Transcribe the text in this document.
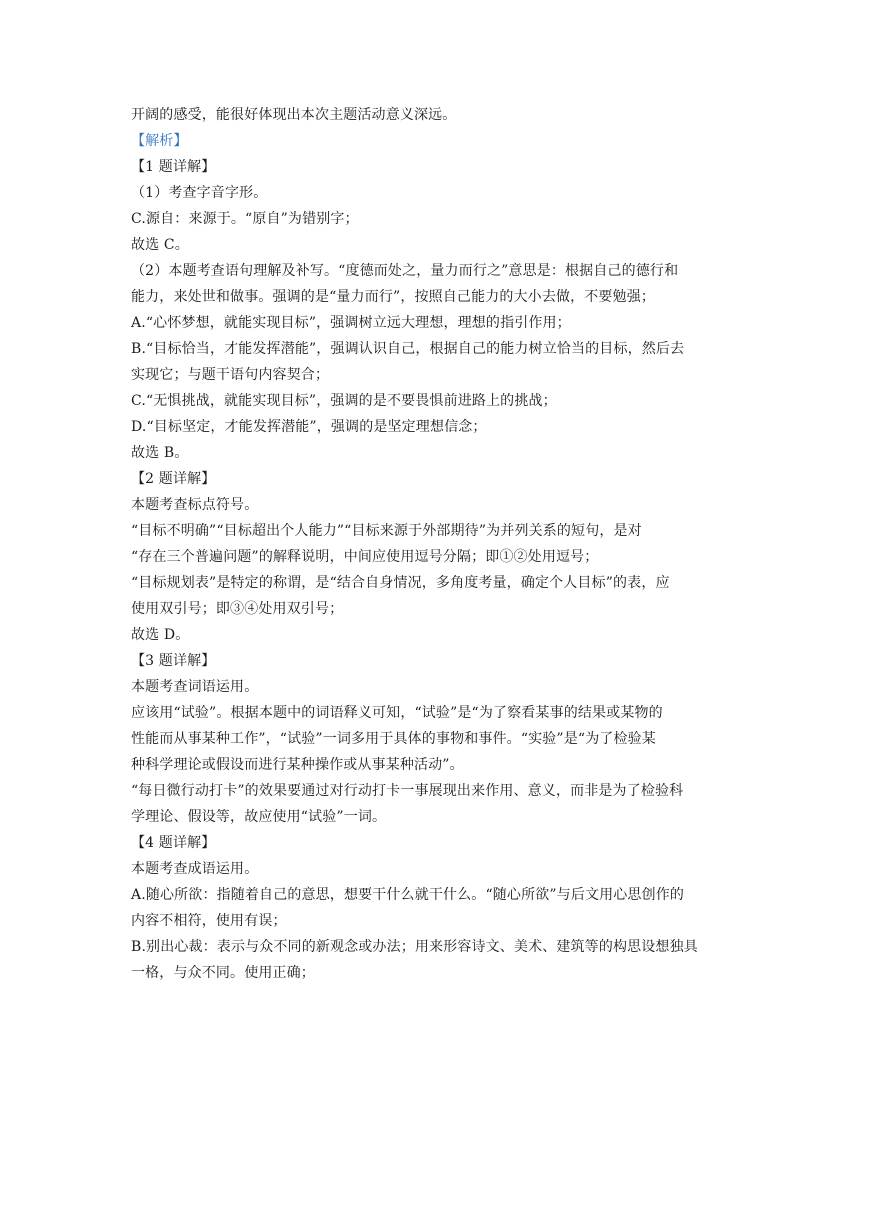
开阔的感受，能很好体现出本次主题活动意义深远。
【解析】
【1 题详解】
（1）考查字音字形。
C.源自：来源于。“原自”为错别字；
故选 C。
（2）本题考查语句理解及补写。“度德而处之，量力而行之”意思是：根据自己的德行和
能力，来处世和做事。强调的是“量力而行”，按照自己能力的大小去做，不要勉强；
A.“心怀梦想，就能实现目标”，强调树立远大理想，理想的指引作用；
B.“目标恰当，才能发挥潜能”，强调认识自己，根据自己的能力树立恰当的目标，然后去
实现它；与题干语句内容契合；
C.“无惧挑战，就能实现目标”，强调的是不要畏惧前进路上的挑战；
D.“目标坚定，才能发挥潜能”，强调的是坚定理想信念；
故选 B。
【2 题详解】
本题考查标点符号。
“目标不明确”“目标超出个人能力”“目标来源于外部期待”为并列关系的短句，是对
“存在三个普遍问题”的解释说明，中间应使用逗号分隔；即①②处用逗号；
“目标规划表”是特定的称谓，是“结合自身情况，多角度考量，确定个人目标”的表，应
使用双引号；即③④处用双引号；
故选 D。
【3 题详解】
本题考查词语运用。
应该用“试验”。根据本题中的词语释义可知，“试验”是“为了察看某事的结果或某物的
性能而从事某种工作”，“试验”一词多用于具体的事物和事件。“实验”是“为了检验某
种科学理论或假设而进行某种操作或从事某种活动”。
“每日微行动打卡”的效果要通过对行动打卡一事展现出来作用、意义，而非是为了检验科
学理论、假设等，故应使用“试验”一词。
【4 题详解】
本题考查成语运用。
A.随心所欲：指随着自己的意思，想要干什么就干什么。“随心所欲”与后文用心思创作的
内容不相符，使用有误；
B.别出心裁：表示与众不同的新观念或办法；用来形容诗文、美术、建筑等的构思设想独具
一格，与众不同。使用正确；
